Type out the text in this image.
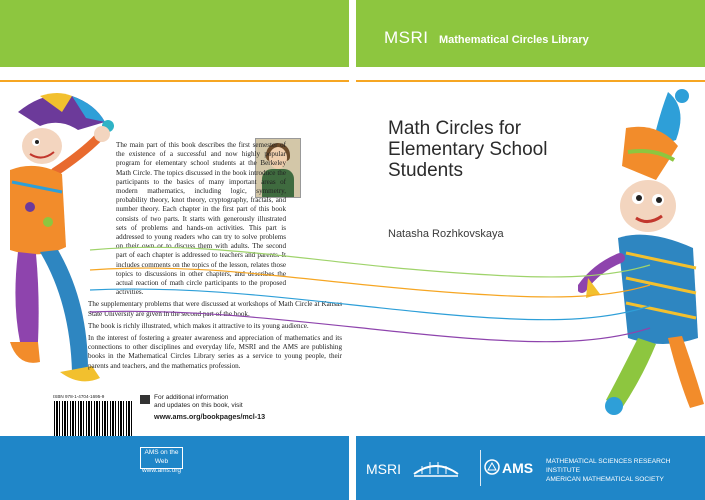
The main part of this book describes the first semester of the existence of a successful and now highly popular program for elementary school students at the Berkeley Math Circle. The topics discussed in the book introduce the participants to the basics of many important areas of modern mathematics, including logic, symmetry, probability theory, knot theory, cryptography, fractals, and number theory. Each chapter in the first part of this book consists of two parts. It starts with generously illustrated sets of problems and hands-on activities. This part is addressed to young readers who can try to solve problems on their own or to discuss them with adults. The second part of each chapter is addressed to teachers and parents. It includes comments on the topics of the lesson, relates those topics to discussions in other chapters, and describes the actual reaction of math circle participants to the proposed activities.

The supplementary problems that were discussed at workshops of Math Circle at Kansas State University are given in the second part of the book.

The book is richly illustrated, which makes it attractive to its young audience.

In the interest of fostering a greater awareness and appreciation of mathematics and its connections to other disciplines and everyday life, MSRI and the AMS are publishing books in the Mathematical Circles Library series as a service to young people, their parents and teachers, and the mathematics profession.

ISBN 978-1-4704-1695-9	For additional information
and updates on this book, visit
www.ams.org/bookpages/mcl-13
AMS on the Web
www.ams.org
MSRI Mathematical Circles Library
Math Circles for Elementary School Students
Natasha Rozhkovskaya
MSRI	AMS MATHEMATICAL SCIENCES RESEARCH INSTITUTE
AMERICAN MATHEMATICAL SOCIETY
